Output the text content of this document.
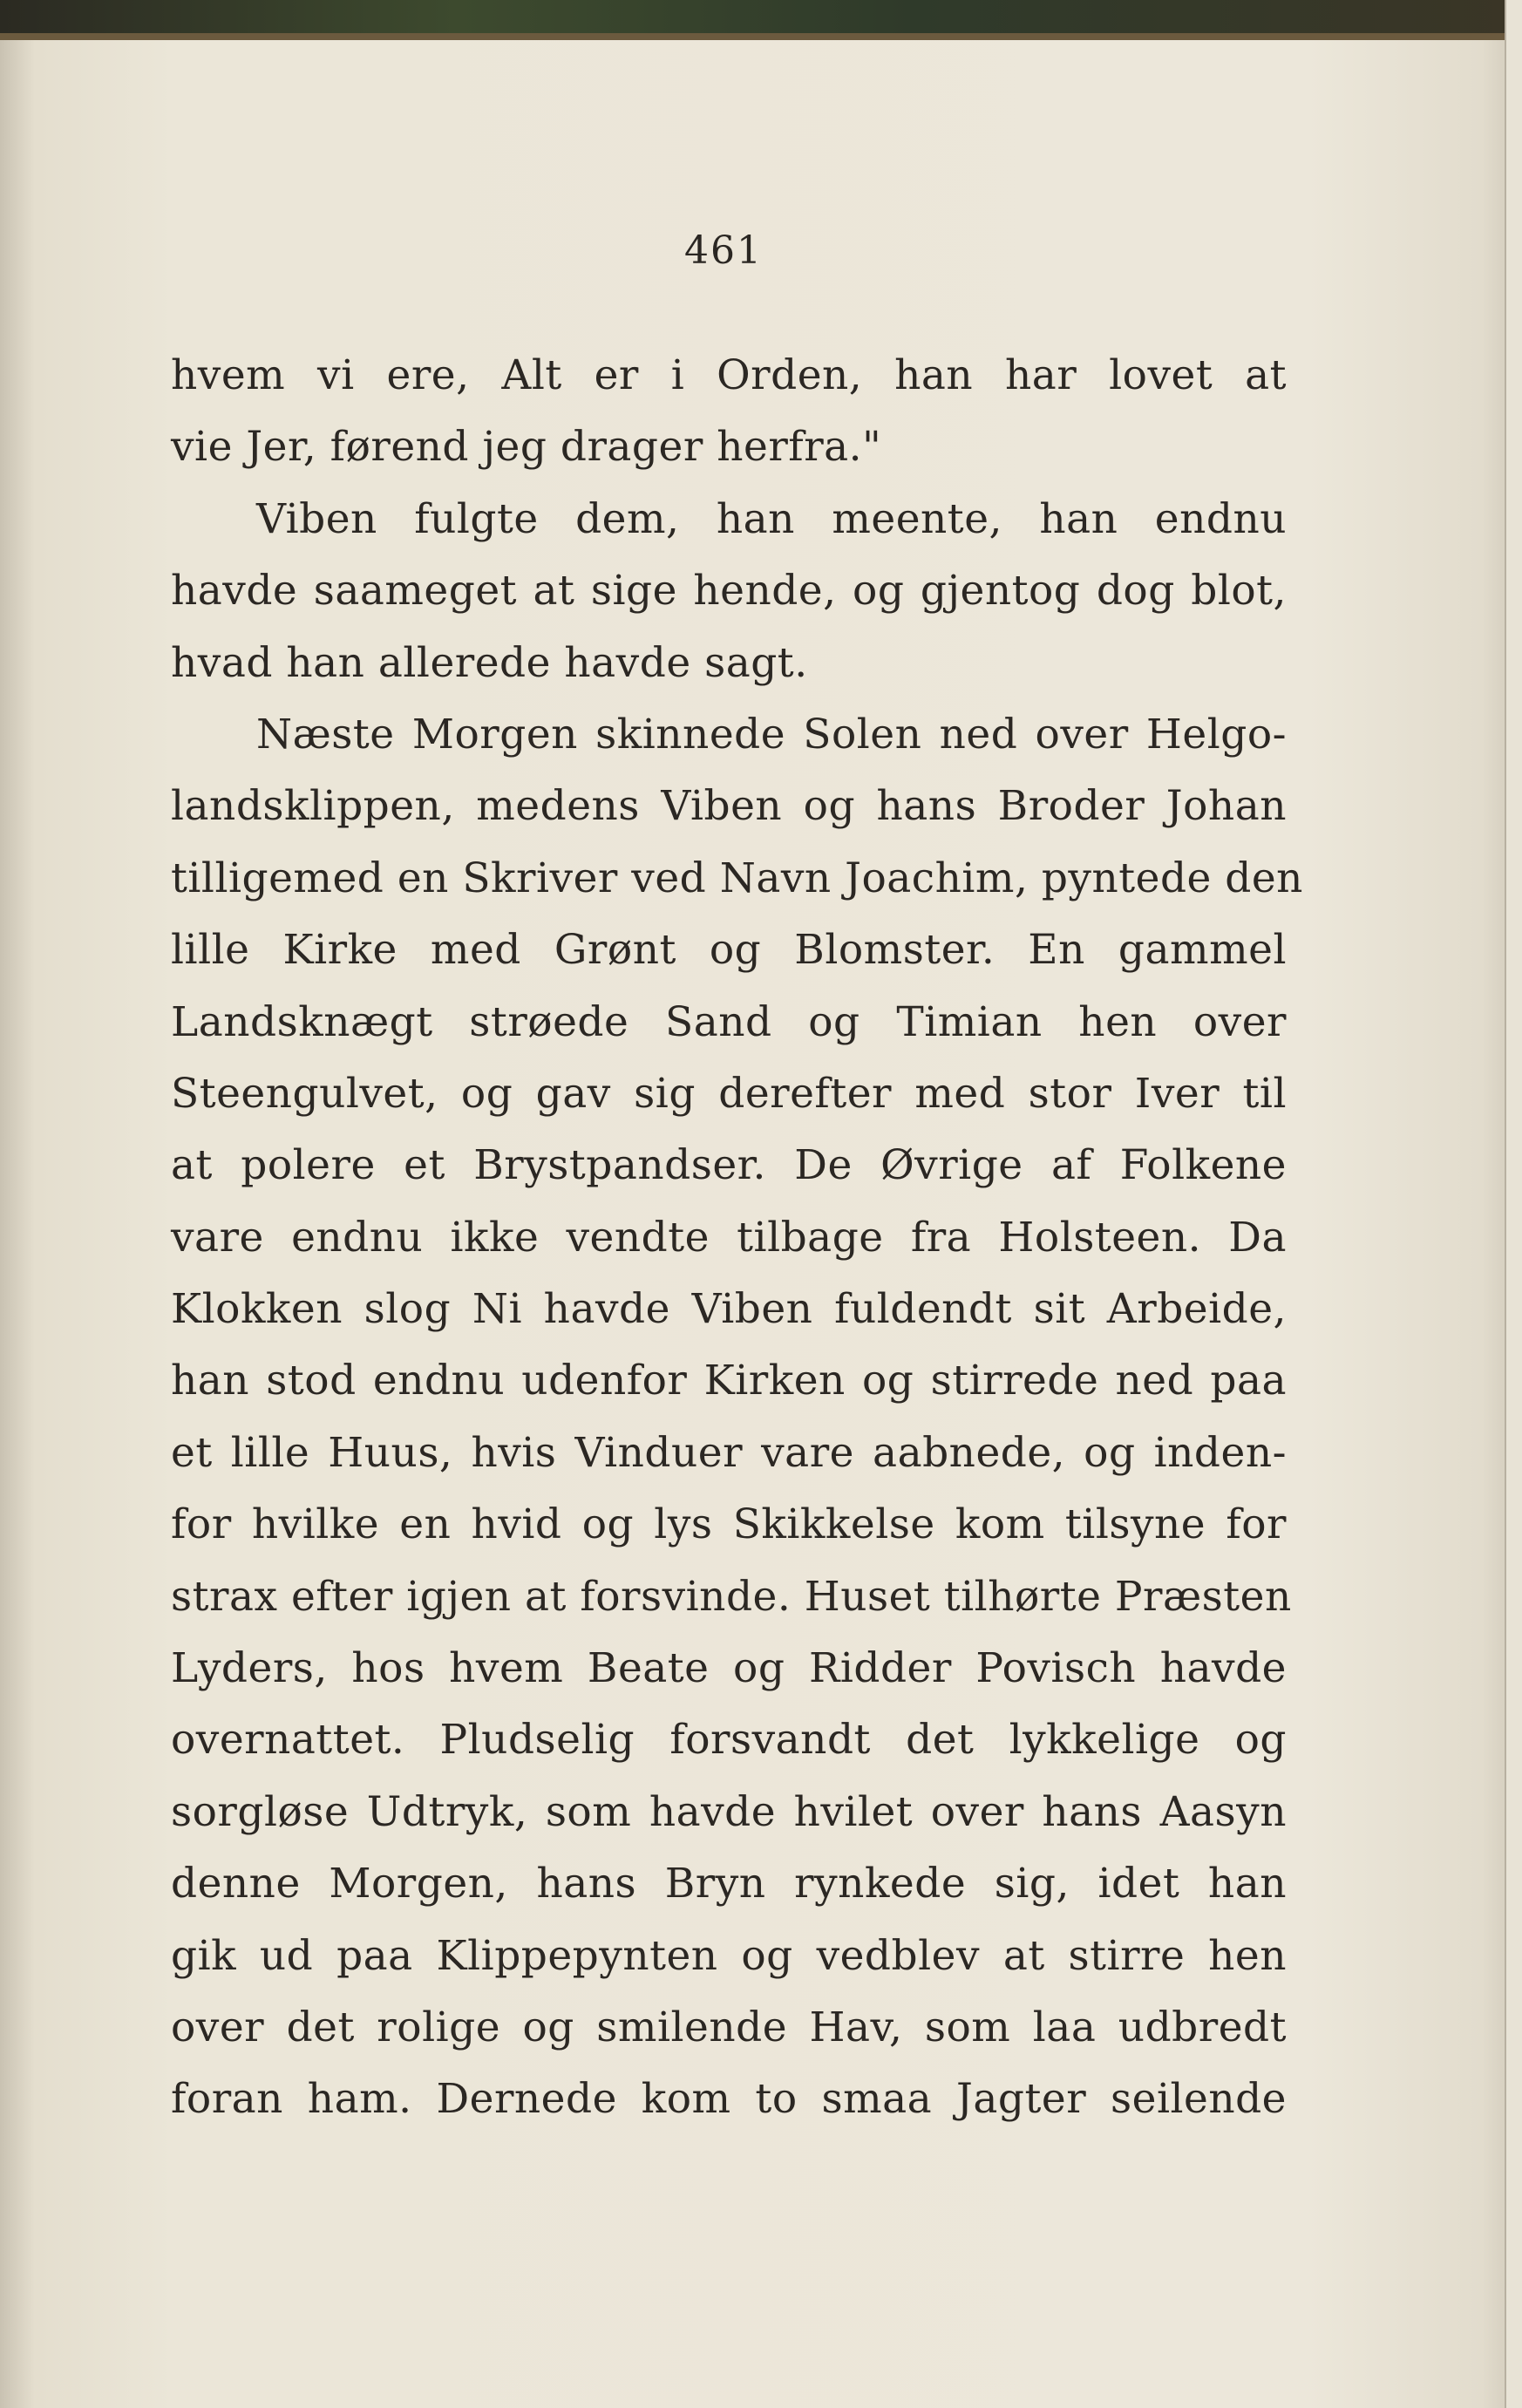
461
hvem vi ere, Alt er i Orden, han har lovet at
vie Jer, førend jeg drager herfra."
Viben fulgte dem, han meente, han endnu
havde saameget at sige hende, og gjentog dog blot,
hvad han allerede havde sagt.
Næste Morgen skinnede Solen ned over Helgo-
landsklippen, medens Viben og hans Broder Johan
tilligemed en Skriver ved Navn Joachim, pyntede den
lille Kirke med Grønt og Blomster. En gammel
Landsknægt strøede Sand og Timian hen over
Steengulvet, og gav sig derefter med stor Iver til
at polere et Brystpandser. De Øvrige af Folkene
vare endnu ikke vendte tilbage fra Holsteen. Da
Klokken slog Ni havde Viben fuldendt sit Arbeide,
han stod endnu udenfor Kirken og stirrede ned paa
et lille Huus, hvis Vinduer vare aabnede, og inden-
for hvilke en hvid og lys Skikkelse kom tilsyne for
strax efter igjen at forsvinde. Huset tilhørte Præsten
Lyders, hos hvem Beate og Ridder Povisch havde
overnattet. Pludselig forsvandt det lykkelige og
sorgløse Udtryk, som havde hvilet over hans Aasyn
denne Morgen, hans Bryn rynkede sig, idet han
gik ud paa Klippepynten og vedblev at stirre hen
over det rolige og smilende Hav, som laa udbredt
foran ham. Dernede kom to smaa Jagter seilende
